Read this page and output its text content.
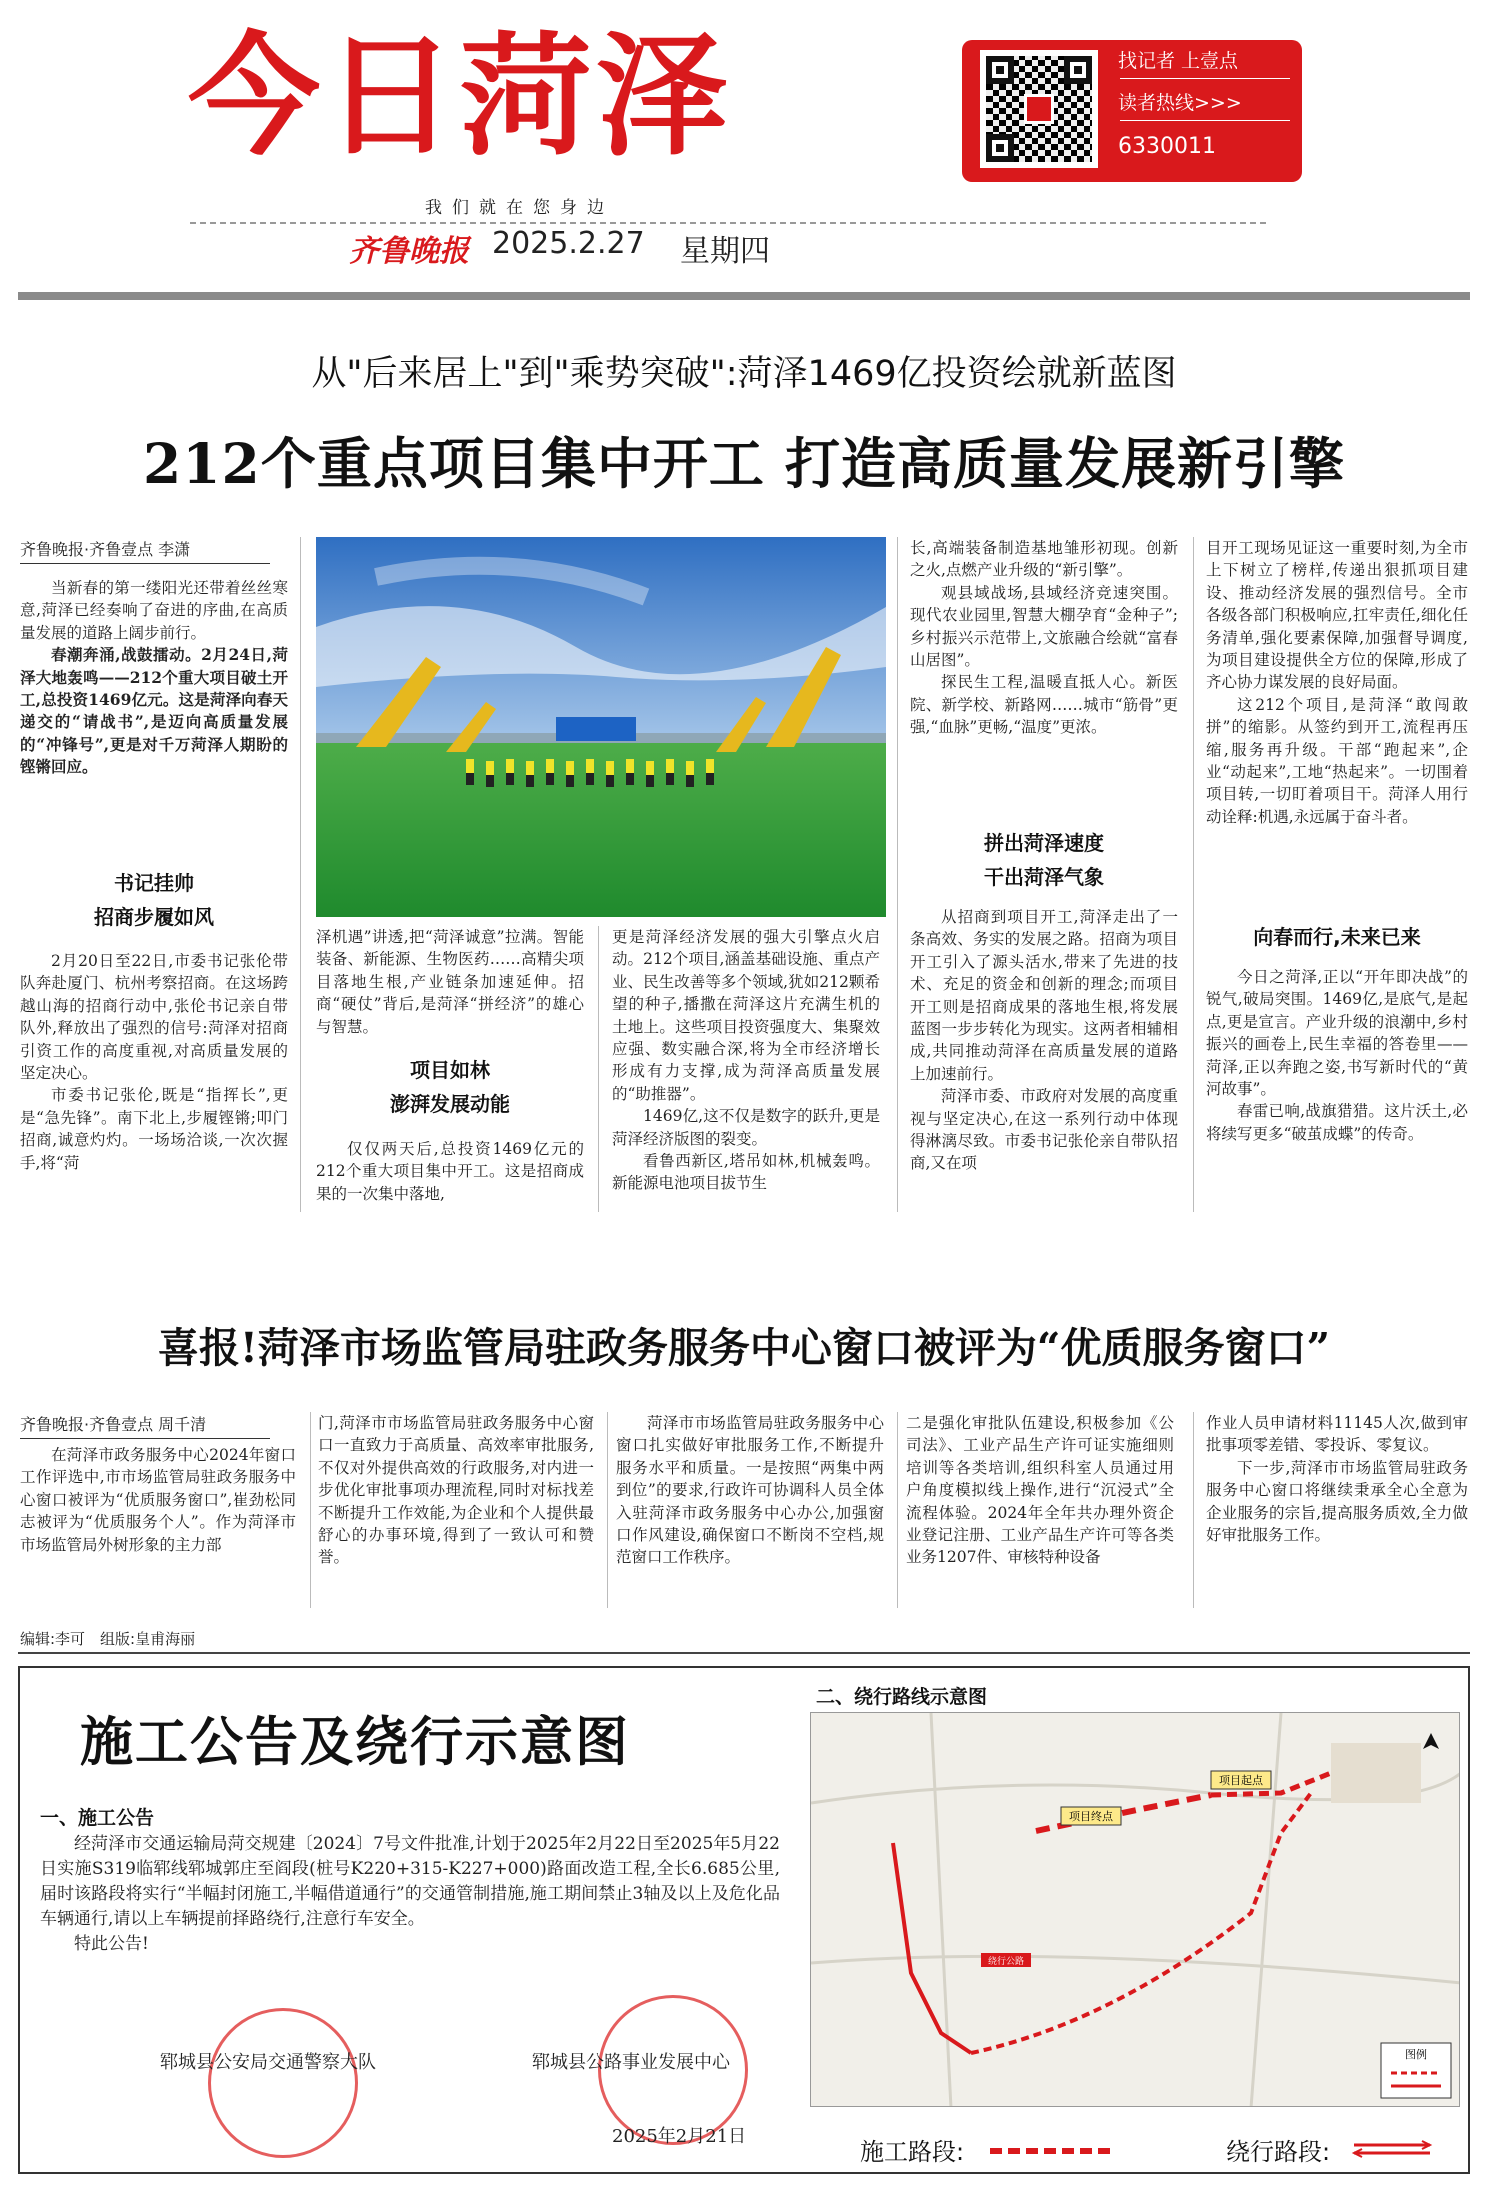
今日菏泽
我们就在您身边
齐鲁晚报 2025.2.27 星期四
找记者 上壹点
读者热线>>>
6330011
从"后来居上"到"乘势突破":菏泽1469亿投资绘就新蓝图
212个重点项目集中开工 打造高质量发展新引擎
齐鲁晚报·齐鲁壹点 李潇

当新春的第一缕阳光还带着丝丝寒意,菏泽已经奏响了奋进的序曲,在高质量发展的道路上阔步前行。

春潮奔涌,战鼓擂动。2月24日,菏泽大地轰鸣——212个重大项目破土开工,总投资1469亿元。这是菏泽向春天递交的“请战书”,是迈向高质量发展的“冲锋号”,更是对千万菏泽人期盼的铿锵回应。

书记挂帅
招商步履如风

2月20日至22日,市委书记张伦带队奔赴厦门、杭州考察招商。在这场跨越山海的招商行动中,张伦书记亲自带队外,释放出了强烈的信号:菏泽对招商引资工作的高度重视,对高质量发展的坚定决心。

市委书记张伦,既是“指挥长”,更是“急先锋”。南下北上,步履铿锵;叩门招商,诚意灼灼。一场场洽谈,一次次握手,将“菏

泽机遇”讲透,把“菏泽诚意”拉满。智能装备、新能源、生物医药……高精尖项目落地生根,产业链条加速延伸。招商“硬仗”背后,是菏泽“拼经济”的雄心与智慧。

项目如林
澎湃发展动能

仅仅两天后,总投资1469亿元的212个重大项目集中开工。这是招商成果的一次集中落地,

更是菏泽经济发展的强大引擎点火启动。212个项目,涵盖基础设施、重点产业、民生改善等多个领域,犹如212颗希望的种子,播撒在菏泽这片充满生机的土地上。这些项目投资强度大、集聚效应强、数实融合深,将为全市经济增长形成有力支撑,成为菏泽高质量发展的“助推器”。

1469亿,这不仅是数字的跃升,更是菏泽经济版图的裂变。

看鲁西新区,塔吊如林,机械轰鸣。新能源电池项目拔节生

长,高端装备制造基地雏形初现。创新之火,点燃产业升级的“新引擎”。

观县域战场,县域经济竞速突围。现代农业园里,智慧大棚孕育“金种子”;乡村振兴示范带上,文旅融合绘就“富春山居图”。

探民生工程,温暖直抵人心。新医院、新学校、新路网……城市“筋骨”更强,“血脉”更畅,“温度”更浓。

拼出菏泽速度
干出菏泽气象

从招商到项目开工,菏泽走出了一条高效、务实的发展之路。招商为项目开工引入了源头活水,带来了先进的技术、充足的资金和创新的理念;而项目开工则是招商成果的落地生根,将发展蓝图一步步转化为现实。这两者相辅相成,共同推动菏泽在高质量发展的道路上加速前行。

菏泽市委、市政府对发展的高度重视与坚定决心,在这一系列行动中体现得淋漓尽致。市委书记张伦亲自带队招商,又在项

目开工现场见证这一重要时刻,为全市上下树立了榜样,传递出狠抓项目建设、推动经济发展的强烈信号。全市各级各部门积极响应,扛牢责任,细化任务清单,强化要素保障,加强督导调度,为项目建设提供全方位的保障,形成了齐心协力谋发展的良好局面。

这212个项目,是菏泽“敢闯敢拼”的缩影。从签约到开工,流程再压缩,服务再升级。干部“跑起来”,企业“动起来”,工地“热起来”。一切围着项目转,一切盯着项目干。菏泽人用行动诠释:机遇,永远属于奋斗者。

向春而行,未来已来

今日之菏泽,正以“开年即决战”的锐气,破局突围。1469亿,是底气,是起点,更是宣言。产业升级的浪潮中,乡村振兴的画卷上,民生幸福的答卷里——菏泽,正以奔跑之姿,书写新时代的“黄河故事”。

春雷已响,战旗猎猎。这片沃土,必将续写更多“破茧成蝶”的传奇。

喜报!菏泽市场监管局驻政务服务中心窗口被评为“优质服务窗口”
齐鲁晚报·齐鲁壹点 周千清

在菏泽市政务服务中心2024年窗口工作评选中,市市场监管局驻政务服务中心窗口被评为“优质服务窗口”,崔劲松同志被评为“优质服务个人”。作为菏泽市市场监管局外树形象的主力部

门,菏泽市市场监管局驻政务服务中心窗口一直致力于高质量、高效率审批服务,不仅对外提供高效的行政服务,对内进一步优化审批事项办理流程,同时对标找差不断提升工作效能,为企业和个人提供最舒心的办事环境,得到了一致认可和赞誉。

菏泽市市场监管局驻政务服务中心窗口扎实做好审批服务工作,不断提升服务水平和质量。一是按照“两集中两到位”的要求,行政许可协调科人员全体入驻菏泽市政务服务中心办公,加强窗口作风建设,确保窗口不断岗不空档,规范窗口工作秩序。

二是强化审批队伍建设,积极参加《公司法》、工业产品生产许可证实施细则培训等各类培训,组织科室人员通过用户角度模拟线上操作,进行“沉浸式”全流程体验。2024年全年共办理外资企业登记注册、工业产品生产许可等各类业务1207件、审核特种设备

作业人员申请材料11145人次,做到审批事项零差错、零投诉、零复议。

下一步,菏泽市市场监管局驻政务服务中心窗口将继续秉承全心全意为企业服务的宗旨,提高服务质效,全力做好审批服务工作。

编辑:李可　组版:皇甫海丽
施工公告及绕行示意图
一、施工公告

经菏泽市交通运输局菏交规建〔2024〕7号文件批准,计划于2025年2月22日至2025年5月22日实施S319临郓线郓城郭庄至阎段(桩号K220+315-K227+000)路面改造工程,全长6.685公里,届时该路段将实行“半幅封闭施工,半幅借道通行”的交通管制措施,施工期间禁止3轴及以上及危化品车辆通行,请以上车辆提前择路绕行,注意行车安全。

特此公告!

郓城县公安局交通警察大队	郓城县公路事业发展中心
2025年2月21日
二、绕行路线示意图
项目终点
项目起点
绕行公路
图例
施工路段:	绕行路段:
